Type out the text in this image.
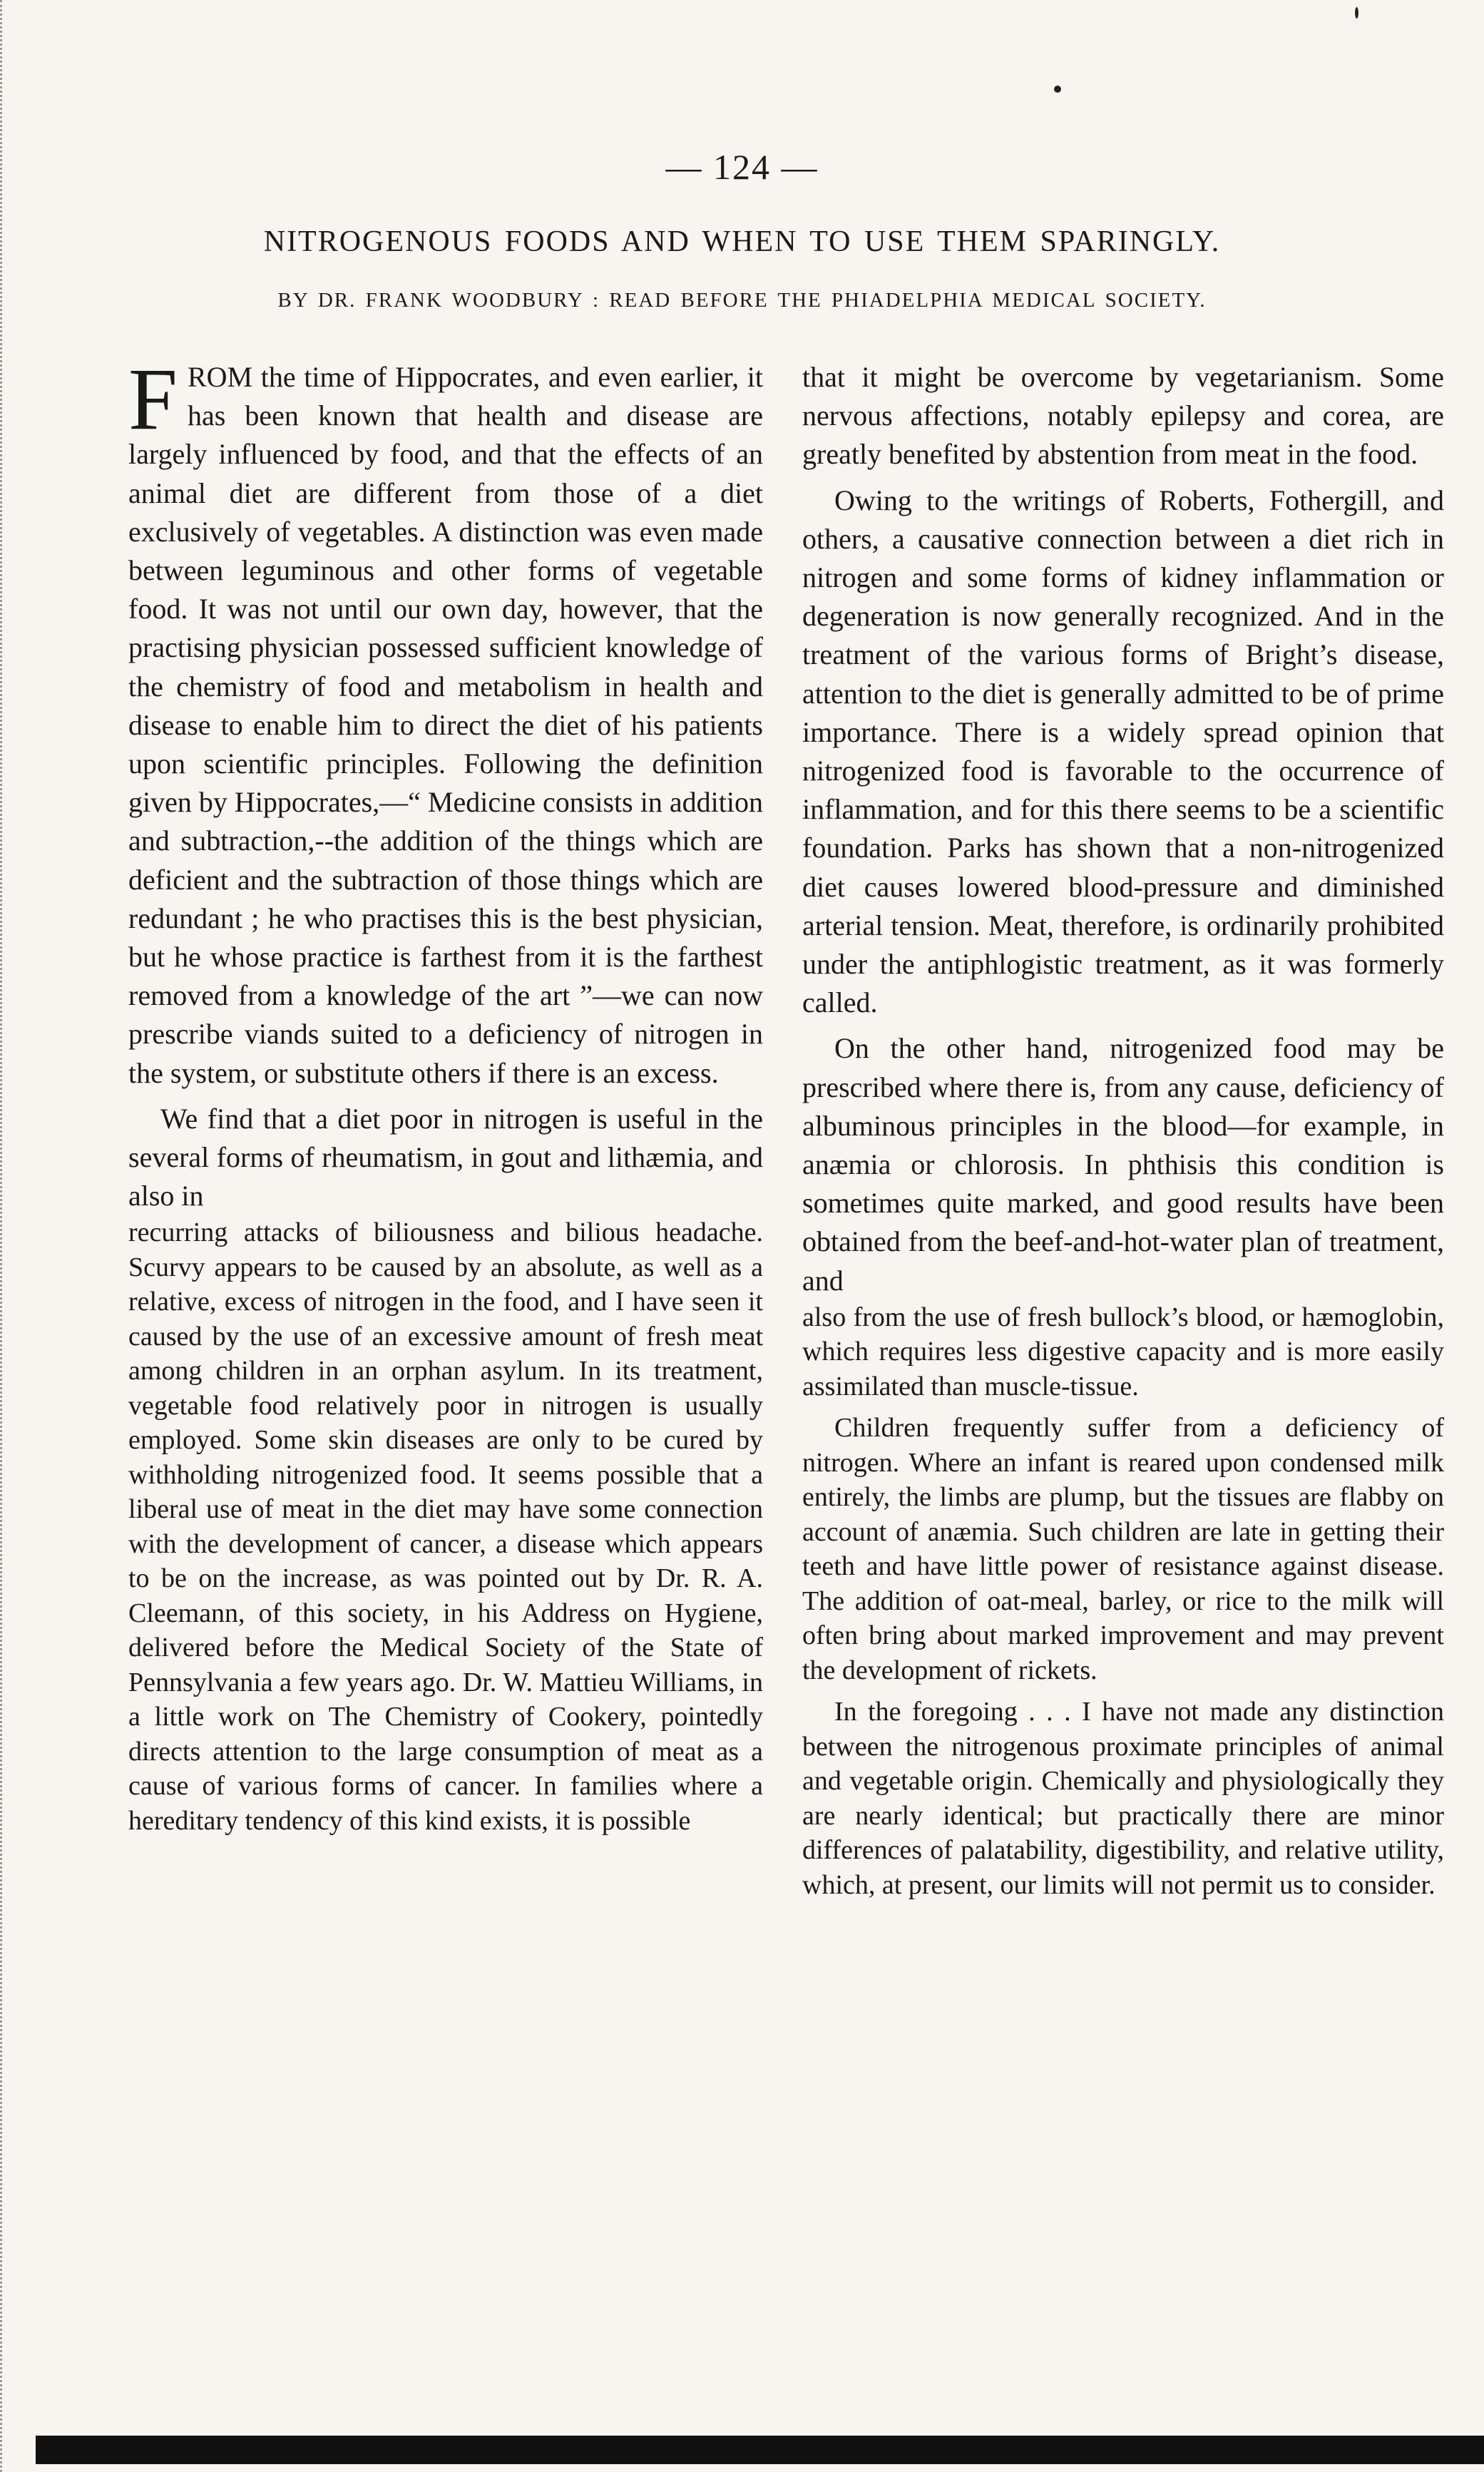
— 124 —
NITROGENOUS FOODS AND WHEN TO USE THEM SPARINGLY.
BY DR. FRANK WOODBURY : READ BEFORE THE PHIADELPHIA MEDICAL SOCIETY.

FROM the time of Hippocrates, and even earlier, it has been known that health and disease are largely influenced by food, and that the effects of an animal diet are different from those of a diet exclusively of vegetables. A distinction was even made between leguminous and other forms of vegetable food. It was not until our own day, however, that the practising physician possessed sufficient knowledge of the chemistry of food and metabolism in health and disease to enable him to direct the diet of his patients upon scientific principles. Following the definition given by Hippocrates,—“ Medicine consists in addition and subtraction,--the addition of the things which are deficient and the subtraction of those things which are redundant ; he who practises this is the best physician, but he whose practice is farthest from it is the farthest removed from a knowledge of the art ”—we can now prescribe viands suited to a deficiency of nitrogen in the system, or substitute others if there is an excess.

We find that a diet poor in nitrogen is useful in the several forms of rheumatism, in gout and lithæmia, and also in

recurring attacks of biliousness and bilious headache. Scurvy appears to be caused by an absolute, as well as a relative, excess of nitrogen in the food, and I have seen it caused by the use of an excessive amount of fresh meat among children in an orphan asylum. In its treatment, vegetable food relatively poor in nitrogen is usually employed. Some skin diseases are only to be cured by withholding nitrogenized food. It seems possible that a liberal use of meat in the diet may have some connection with the development of cancer, a disease which appears to be on the increase, as was pointed out by Dr. R. A. Cleemann, of this society, in his Address on Hygiene, delivered before the Medical Society of the State of Pennsylvania a few years ago. Dr. W. Mattieu Williams, in a little work on The Chemistry of Cookery, pointedly directs attention to the large consumption of meat as a cause of various forms of cancer. In families where a hereditary tendency of this kind exists, it is possible

that it might be overcome by vegetarianism. Some nervous affections, notably epilepsy and corea, are greatly benefited by abstention from meat in the food.

Owing to the writings of Roberts, Fothergill, and others, a causative connection between a diet rich in nitrogen and some forms of kidney inflammation or degeneration is now generally recognized. And in the treatment of the various forms of Bright’s disease, attention to the diet is generally admitted to be of prime importance. There is a widely spread opinion that nitrogenized food is favorable to the occurrence of inflammation, and for this there seems to be a scientific foundation. Parks has shown that a non-nitrogenized diet causes lowered blood-pressure and diminished arterial tension. Meat, therefore, is ordinarily prohibited under the antiphlogistic treatment, as it was formerly called.

On the other hand, nitrogenized food may be prescribed where there is, from any cause, deficiency of albuminous principles in the blood—for example, in anæmia or chlorosis. In phthisis this condition is sometimes quite marked, and good results have been obtained from the beef-and-hot-water plan of treatment, and

also from the use of fresh bullock’s blood, or hæmoglobin, which requires less digestive capacity and is more easily assimilated than muscle-tissue.

Children frequently suffer from a deficiency of nitrogen. Where an infant is reared upon condensed milk entirely, the limbs are plump, but the tissues are flabby on account of anæmia. Such children are late in getting their teeth and have little power of resistance against disease. The addition of oat-meal, barley, or rice to the milk will often bring about marked improvement and may prevent the development of rickets.

In the foregoing . . . I have not made any distinction between the nitrogenous proximate principles of animal and vegetable origin. Chemically and physiologically they are nearly identical; but practically there are minor differences of palatability, digestibility, and relative utility, which, at present, our limits will not permit us to consider.
